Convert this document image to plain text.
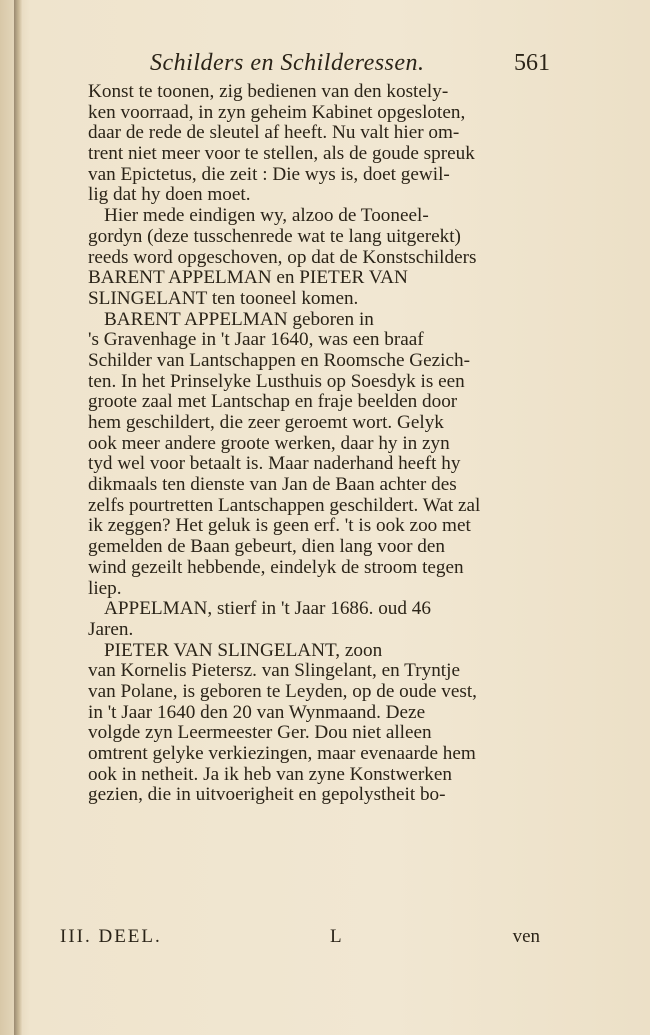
Schilders en Schilderessen.	561
Konst te toonen, zig bedienen van den kostely-
ken voorraad, in zyn geheim Kabinet opgesloten,
daar de rede de sleutel af heeft. Nu valt hier om-
trent niet meer voor te stellen, als de goude spreuk
van Epictetus, die zeit : Die wys is, doet gewil-
lig dat hy doen moet.
Hier mede eindigen wy, alzoo de Tooneel-
gordyn (deze tusschenrede wat te lang uitgerekt)
reeds word opgeschoven, op dat de Konstschilders
BARENT APPELMAN en PIETER VAN
SLINGELANT ten tooneel komen.
BARENT APPELMAN geboren in
's Gravenhage in 't Jaar 1640, was een braaf
Schilder van Lantschappen en Roomsche Gezich-
ten. In het Prinselyke Lusthuis op Soesdyk is een
groote zaal met Lantschap en fraje beelden door
hem geschildert, die zeer geroemt wort. Gelyk
ook meer andere groote werken, daar hy in zyn
tyd wel voor betaalt is. Maar naderhand heeft hy
dikmaals ten dienste van Jan de Baan achter des
zelfs pourtretten Lantschappen geschildert. Wat zal
ik zeggen? Het geluk is geen erf. 't is ook zoo met
gemelden de Baan gebeurt, dien lang voor den
wind gezeilt hebbende, eindelyk de stroom tegen
liep.
APPELMAN, stierf in 't Jaar 1686. oud 46
Jaren.
PIETER VAN SLINGELANT, zoon
van Kornelis Pietersz. van Slingelant, en Tryntje
van Polane, is geboren te Leyden, op de oude vest,
in 't Jaar 1640 den 20 van Wynmaand. Deze
volgde zyn Leermeester Ger. Dou niet alleen
omtrent gelyke verkiezingen, maar evenaarde hem
ook in netheit. Ja ik heb van zyne Konstwerken
gezien, die in uitvoerigheit en gepolystheit bo-
III. DEEL.	L	ven
